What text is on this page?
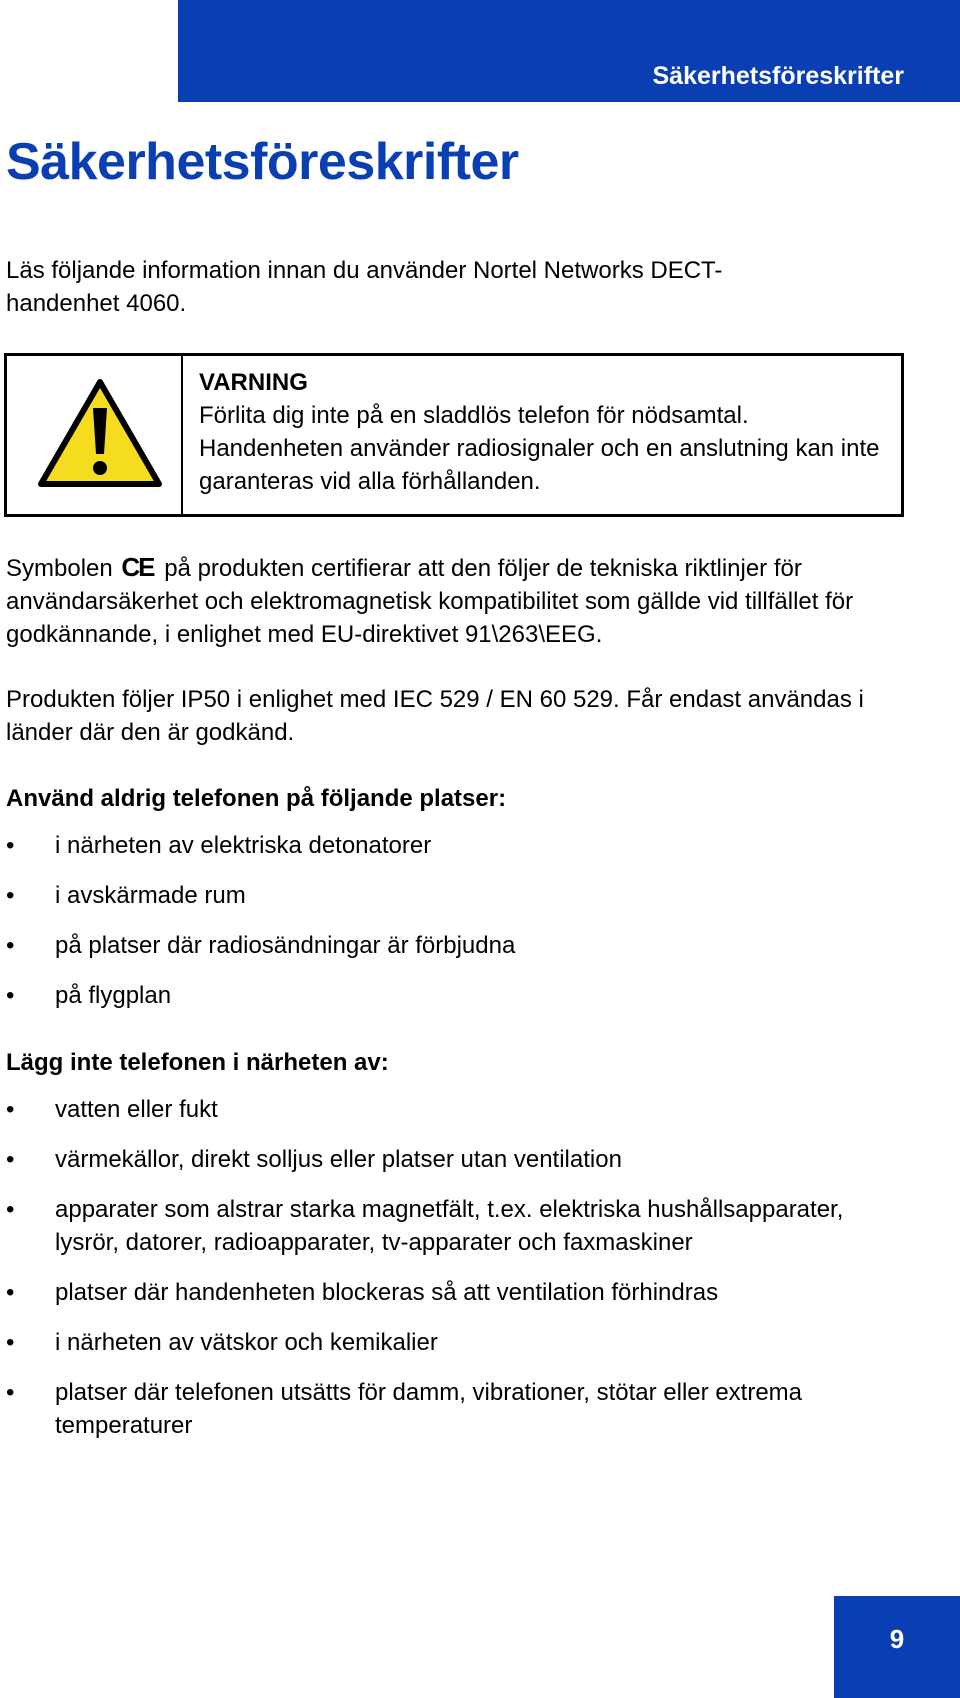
Säkerhetsföreskrifter
Säkerhetsföreskrifter

Läs följande information innan du använder Nortel Networks DECT-handenhet 4060.

VARNING
Förlita dig inte på en sladdlös telefon för nödsamtal. Handenheten använder radiosignaler och en anslutning kan inte garanteras vid alla förhållanden.

Symbolen CE på produkten certifierar att den följer de tekniska riktlinjer för användarsäkerhet och elektromagnetisk kompatibilitet som gällde vid tillfället för godkännande, i enlighet med EU-direktivet 91\263\EEG.

Produkten följer IP50 i enlighet med IEC 529 / EN 60 529. Får endast användas i länder där den är godkänd.

Använd aldrig telefonen på följande platser:
• i närheten av elektriska detonatorer
• i avskärmade rum
• på platser där radiosändningar är förbjudna
• på flygplan
Lägg inte telefonen i närheten av:
• vatten eller fukt
• värmekällor, direkt solljus eller platser utan ventilation
• apparater som alstrar starka magnetfält, t.ex. elektriska hushållsapparater, lysrör, datorer, radioapparater, tv-apparater och faxmaskiner
• platser där handenheten blockeras så att ventilation förhindras
• i närheten av vätskor och kemikalier
• platser där telefonen utsätts för damm, vibrationer, stötar eller extrema temperaturer
9
